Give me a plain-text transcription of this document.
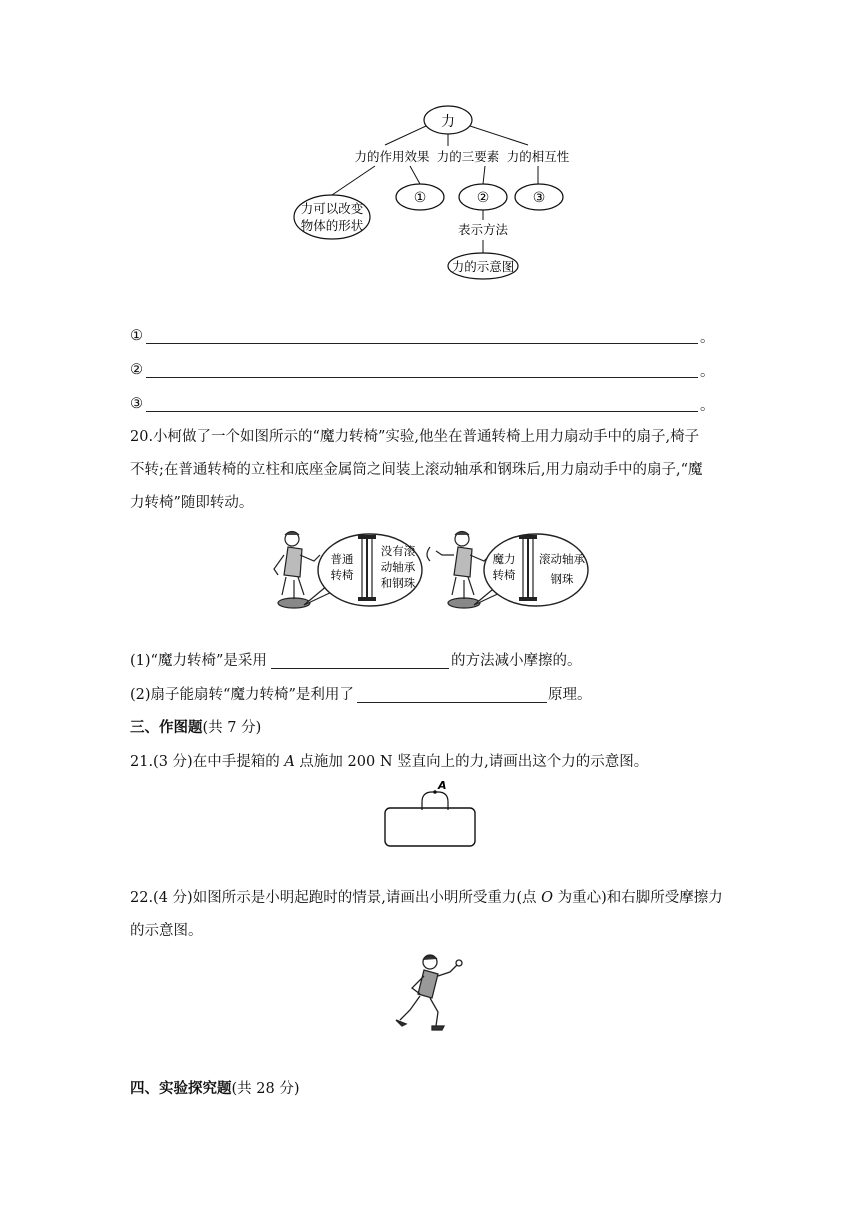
力
力的作用效果 力的三要素 力的相互性
力可以改变
物体的形状
①	②	③
表示方法
力的示意图
①	。
②	。
③	。
20.小柯做了一个如图所示的“魔力转椅”实验,他坐在普通转椅上用力扇动手中的扇子,椅子
不转;在普通转椅的立柱和底座金属筒之间装上滚动轴承和钢珠后,用力扇动手中的扇子,“魔
力转椅”随即转动。
普通
转椅
没有滚
动轴承
和钢珠
魔力
转椅
滚动轴承
钢珠
(1)“魔力转椅”是采用	的方法减小摩擦的。
(2)扇子能扇转“魔力转椅”是利用了	原理。
三、作图题(共 7 分)
21.(3 分)在中手提箱的 A 点施加 200 N 竖直向上的力,请画出这个力的示意图。
A
22.(4 分)如图所示是小明起跑时的情景,请画出小明所受重力(点 O 为重心)和右脚所受摩擦力
的示意图。
四、实验探究题(共 28 分)
